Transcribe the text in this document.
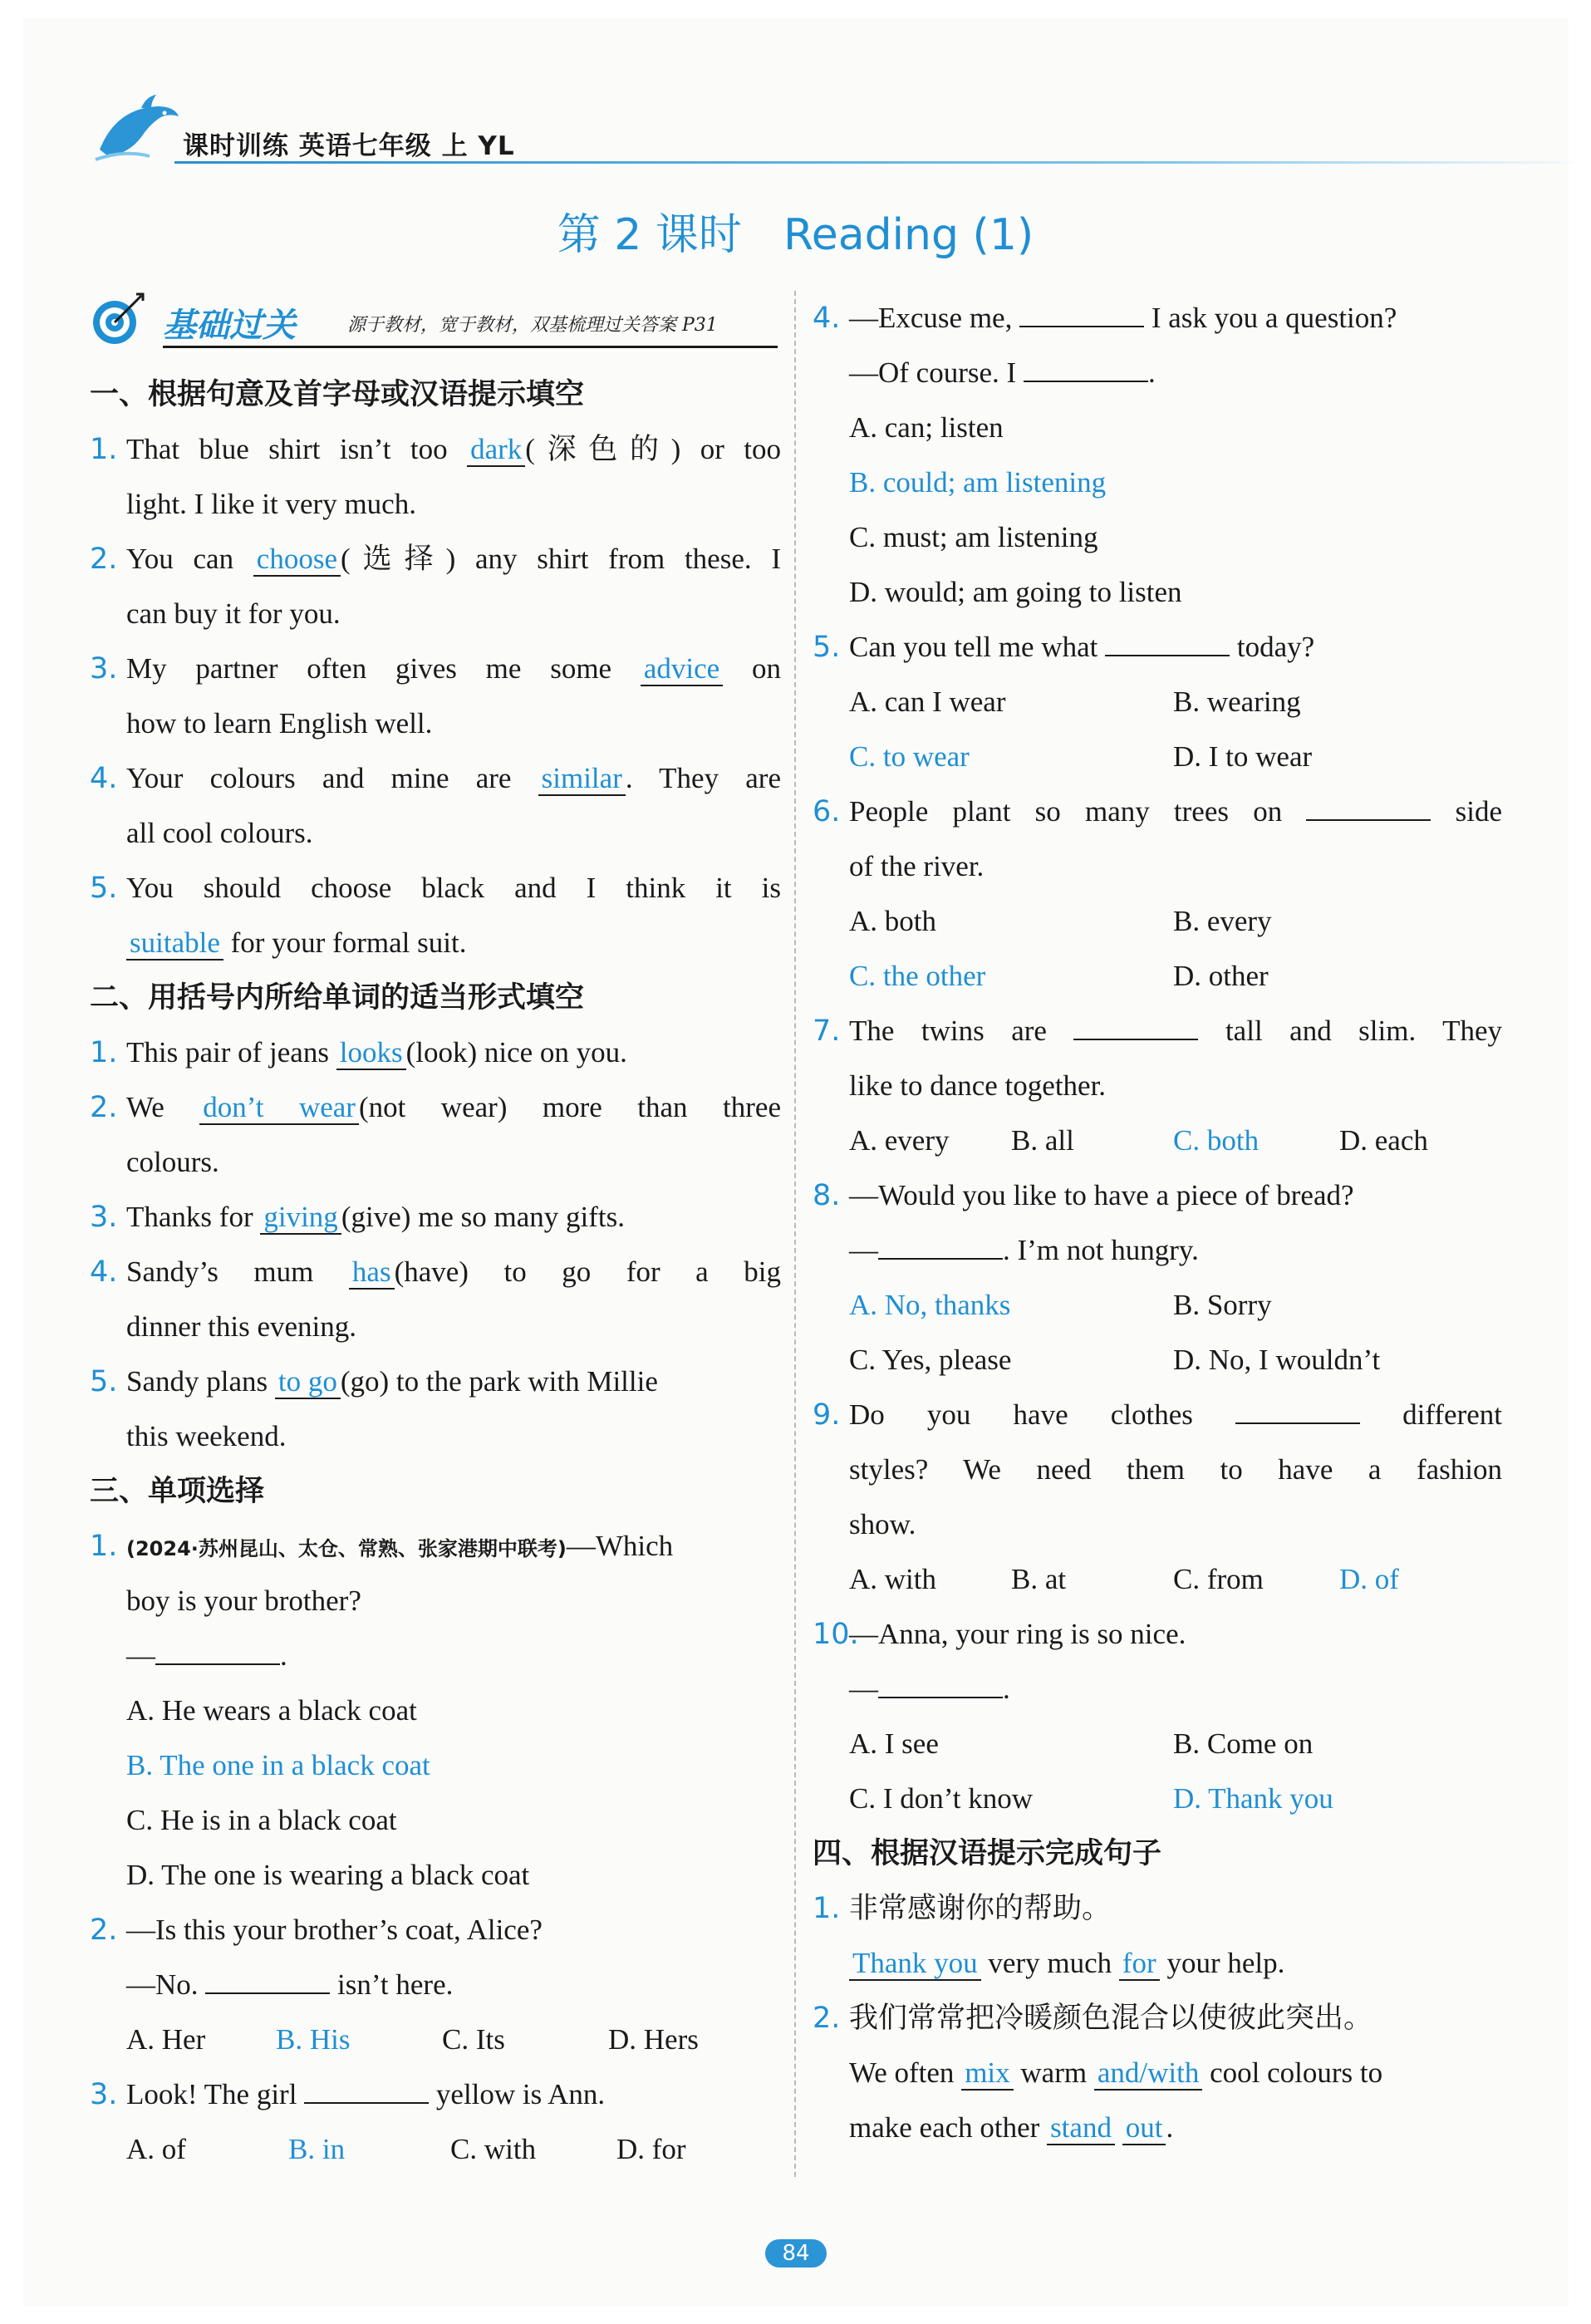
课时训练 英语七年级 上 YL
第 2 课时 Reading (1)
基础过关	源于教材，宽于教材，双基梳理过关答案 P31
一、根据句意及首字母或汉语提示填空
1. That blue shirt isn’t too dark (深色的) or too
light. I like it very much.
2. You can choose (选择) any shirt from these. I
can buy it for you.
3. My partner often gives me some advice on
how to learn English well.
4. Your colours and mine are similar . They are
all cool colours.
5. You should choose black and I think it is
suitable for your formal suit.
二、用括号内所给单词的适当形式填空
1. This pair of jeans looks (look) nice on you.
2. We don’t wear (not wear) more than three
colours.
3. Thanks for giving (give) me so many gifts.
4. Sandy’s mum has (have) to go for a big
dinner this evening.
5. Sandy plans to go (go) to the park with Millie
this weekend.
三、单项选择
1. (2024·苏州昆山、太仓、常熟、张家港期中联考)—Which
boy is your brother?
—	.
A. He wears a black coat
B. The one in a black coat
C. He is in a black coat
D. The one is wearing a black coat
2. —Is this your brother’s coat, Alice?
—No.	isn’t here.
A. Her B. His	C. Its	D. Hers
3. Look! The girl	yellow is Ann.
A. of	B. in	C. with	D. for
4. —Excuse me,	I ask you a question?
—Of course. I	.
A. can; listen
B. could; am listening
C. must; am listening
D. would; am going to listen
5. Can you tell me what	today?
A. can I wear	B. wearing
C. to wear	D. I to wear
6. People plant so many trees on	side
of the river.
A. both	B. every
C. the other	D. other
7. The twins are	tall and slim. They
like to dance together.
A. every B. all	C. both	D. each
8. —Would you like to have a piece of bread?
—	. I’m not hungry.
A. No, thanks	B. Sorry
C. Yes, please	D. No, I wouldn’t
9. Do you have clothes	different
styles? We need them to have a fashion
show.
A. with	B. at	C. from	D. of
10.—Anna, your ring is so nice.
—	.
A. I see	B. Come on
C. I don’t know	D. Thank you
四、根据汉语提示完成句子
1. 非常感谢你的帮助。
Thank you very much for your help.
2. 我们常常把冷暖颜色混合以使彼此突出。
We often mix warm and/with cool colours to
make each other stand out .
84
